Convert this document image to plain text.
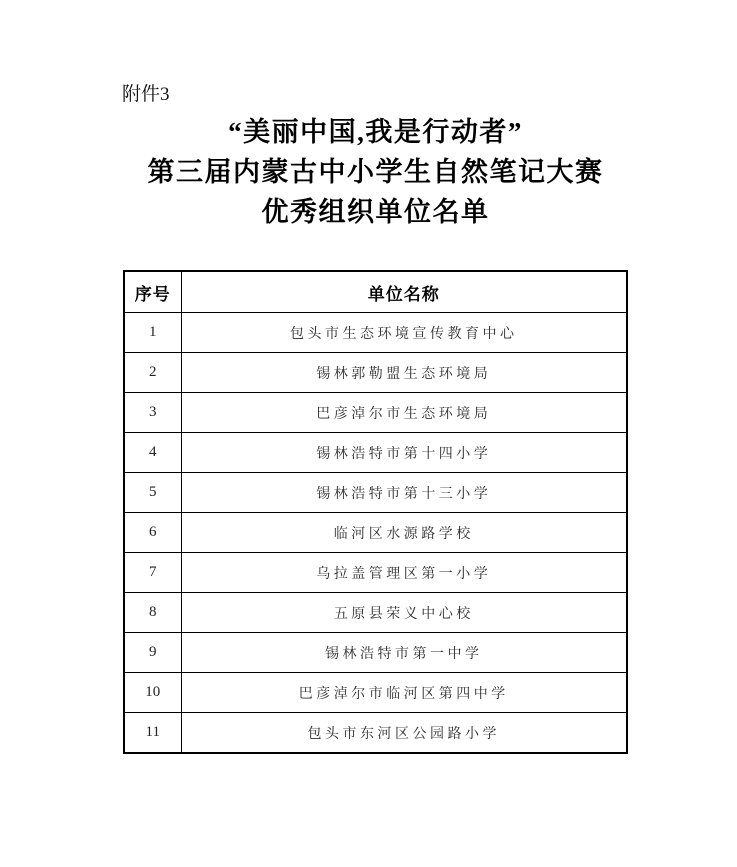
附件3
“美丽中国,我是行动者”
第三届内蒙古中小学生自然笔记大赛
优秀组织单位名单
序号	单位名称
1	包头市生态环境宣传教育中心
2	锡林郭勒盟生态环境局
3	巴彦淖尔市生态环境局
4	锡林浩特市第十四小学
5	锡林浩特市第十三小学
6	临河区水源路学校
7	乌拉盖管理区第一小学
8	五原县荣义中心校
9	锡林浩特市第一中学
10	巴彦淖尔市临河区第四中学
11	包头市东河区公园路小学
